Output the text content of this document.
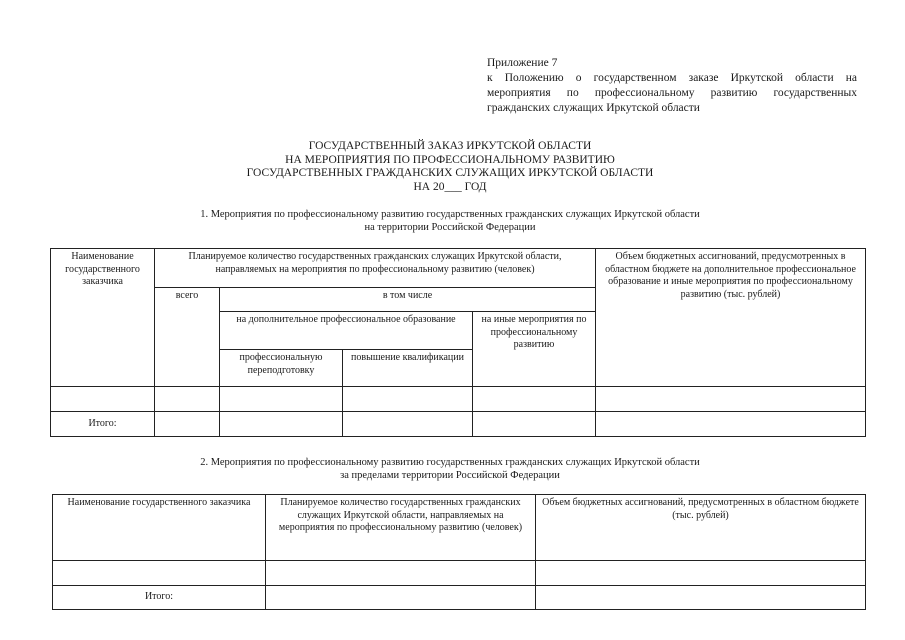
Приложение 7
к Положению о государственном заказе Иркутской области на мероприятия по профессиональному развитию государственных гражданских служащих Иркутской области
ГОСУДАРСТВЕННЫЙ ЗАКАЗ ИРКУТСКОЙ ОБЛАСТИ
НА МЕРОПРИЯТИЯ ПО ПРОФЕССИОНАЛЬНОМУ РАЗВИТИЮ
ГОСУДАРСТВЕННЫХ ГРАЖДАНСКИХ СЛУЖАЩИХ ИРКУТСКОЙ ОБЛАСТИ
НА 20___ ГОД
1. Мероприятия по профессиональному развитию государственных гражданских служащих Иркутской области
на территории Российской Федерации
Наименование государственного заказчика	Планируемое количество государственных гражданских служащих Иркутской области, направляемых на мероприятия по профессиональному развитию (человек)				Объем бюджетных ассигнований, предусмотренных в областном бюджете на дополнительное профессиональное образование и иные мероприятия по профессиональному развитию (тыс. рублей)
	всего	в том числе			
		на дополнительное профессиональное образование		на иные мероприятия по профессиональному развитию	
		профессиональную переподготовку	повышение квалификации		

Итого:					
2. Мероприятия по профессиональному развитию государственных гражданских служащих Иркутской области
за пределами территории Российской Федерации
Наименование государственного заказчика	Планируемое количество государственных гражданских служащих Иркутской области, направляемых на мероприятия по профессиональному развитию (человек)	Объем бюджетных ассигнований, предусмотренных в областном бюджете (тыс. рублей)

Итого:		
